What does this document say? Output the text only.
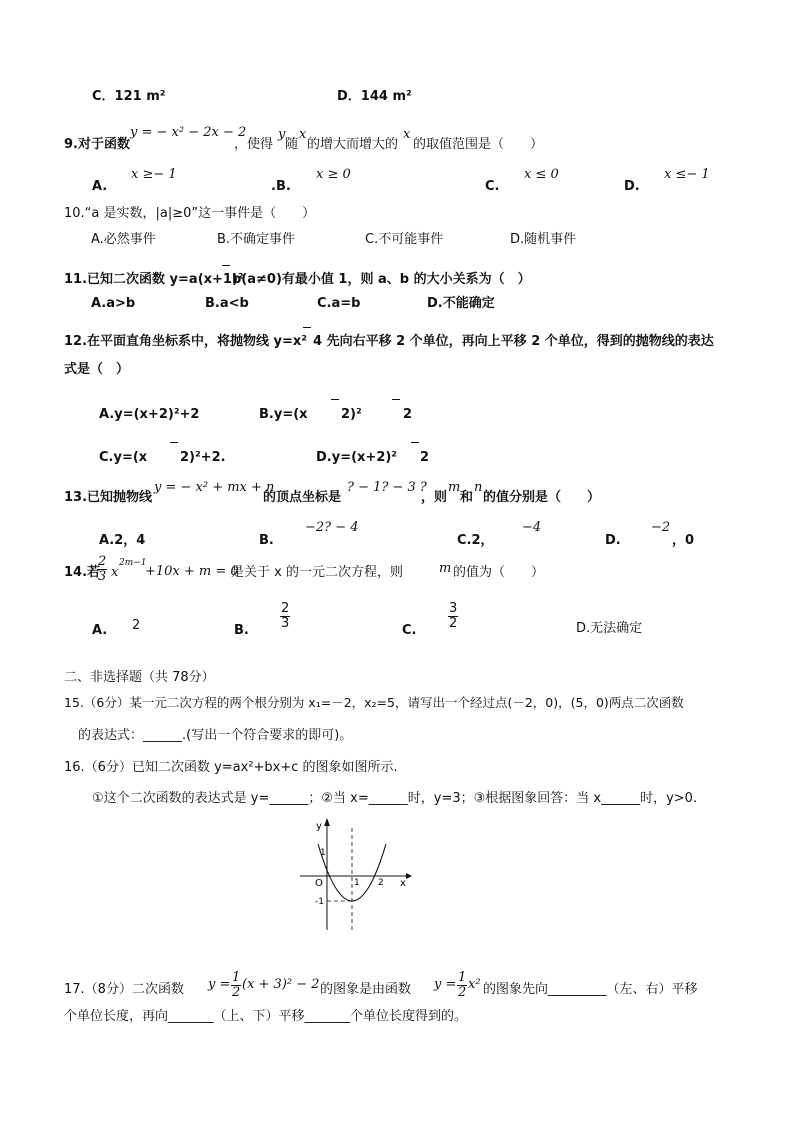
C．121 m²	D．144 m²
9.对于函数
y = − x² − 2x − 2
，使得
y
随
x
的增大而增大的
x
的取值范围是（　　）
A.
x ≥− 1
.B.
x ≥ 0
C.
x ≤ 0
D.
x ≤− 1
10.“a 是实数，|a|≥0”这一事件是（　　）
A.必然事件	B.不确定事件	C.不可能事件	D.随机事件
11.已知二次函数 y=a(x+1)²
b(a≠0)有最小值 1，则 a、b 的大小关系为（　）
A.a>b	B.a<b	C.a=b	D.不能确定
12.在平面直角坐标系中，将抛物线 y=x² 4 先向右平移 2 个单位，再向上平移 2 个单位，得到的抛物线的表达
式是（　）
A.y=(x+2)²+2	B.y=(x	2)²	2
C.y=(x	2)²+2.	D.y=(x+2)² 2
13.已知抛物线
y = − x² + mx + n
的顶点坐标是
? − 1? − 3 ?
，则
m
和
n
的值分别是（　　）
A.2，4	B.
−2? − 4
C.2，
−4
D.
−2
，0
14.若
$\frac{2}{3}$ x
2m−1
+10x + m = 0
是关于 x 的一元二次方程，则	m 的值为（　　）
A. 2	B. $\frac{2}{3}$	C. $\frac{3}{2}$	D.无法确定
二、非选择题（共 78分）
15.（6分）某一元二次方程的两个根分别为 x₁=－2，x₂=5，请写出一个经过点(－2，0)，(5，0)两点二次函数
的表达式：______.(写出一个符合要求的即可)。
16.（6分）已知二次函数 y=ax²+bx+c 的图象如图所示.
①这个二次函数的表达式是 y=______；②当 x=______时，y=3；③根据图象回答：当 x______时，y>0.
y
x
O
1
-1
1 2
17.（8分）二次函数 $y = \frac{1}{2} (x + 3)^2 - 2$ 的图象是由函数 $y = \frac{1}{2} x^2$ 的图象先向_________（左、右）平移
个单位长度，再向_______（上、下）平移_______个单位长度得到的。
